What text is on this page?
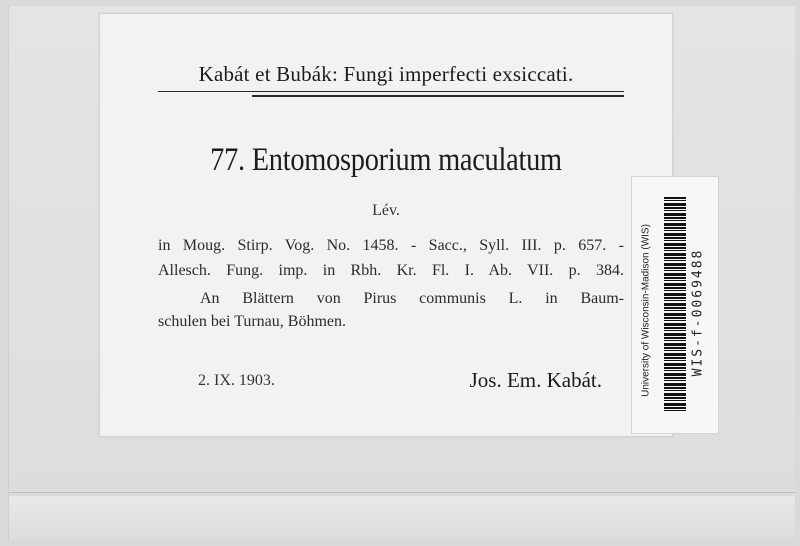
Kabát et Bubák: Fungi imperfecti exsiccati.
77. Entomosporium maculatum
Lév.
in Moug. Stirp. Vog. No. 1458. - Sacc., Syll. III. p. 657. -
Allesch. Fung. imp. in Rbh. Kr. Fl. I. Ab. VII. p. 384.
An Blättern von Pirus communis L. in Baum-
schulen bei Turnau, Böhmen.
2. IX. 1903.	Jos. Em. Kabát.	University of Wisconsin-Madison (WIS)	WIS-f-0069488
